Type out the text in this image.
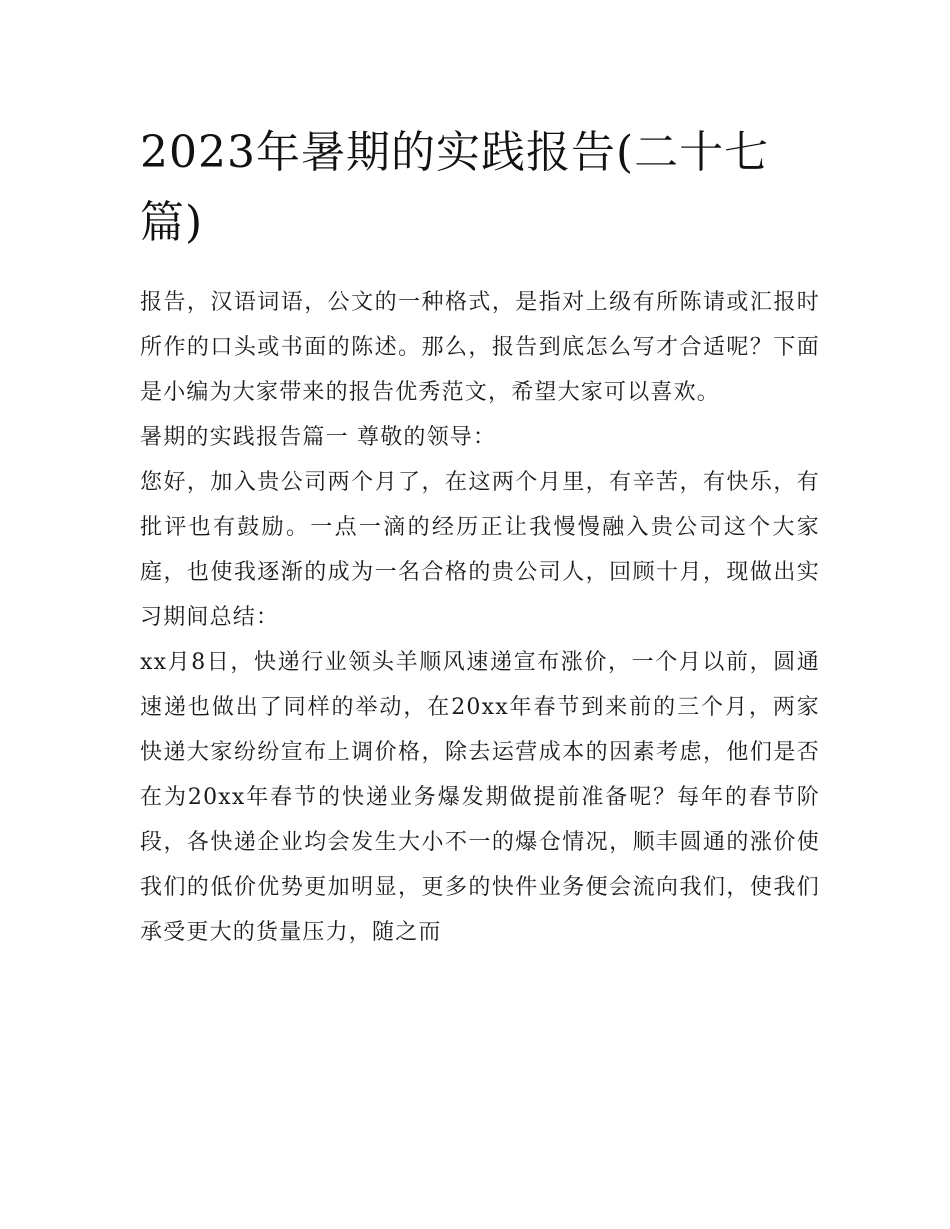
2023年暑期的实践报告(二十七篇)

报告，汉语词语，公文的一种格式，是指对上级有所陈请或汇报时所作的口头或书面的陈述。那么，报告到底怎么写才合适呢？下面是小编为大家带来的报告优秀范文，希望大家可以喜欢。

暑期的实践报告篇一 尊敬的领导：

您好，加入贵公司两个月了，在这两个月里，有辛苦，有快乐，有批评也有鼓励。一点一滴的经历正让我慢慢融入贵公司这个大家庭，也使我逐渐的成为一名合格的贵公司人，回顾十月，现做出实习期间总结：

xx月8日，快递行业领头羊顺风速递宣布涨价，一个月以前，圆通速递也做出了同样的举动，在20xx年春节到来前的三个月，两家快递大家纷纷宣布上调价格，除去运营成本的因素考虑，他们是否在为20xx年春节的快递业务爆发期做提前准备呢？每年的春节阶段，各快递企业均会发生大小不一的爆仓情况，顺丰圆通的涨价使我们的低价优势更加明显，更多的快件业务便会流向我们，使我们承受更大的货量压力，随之而
